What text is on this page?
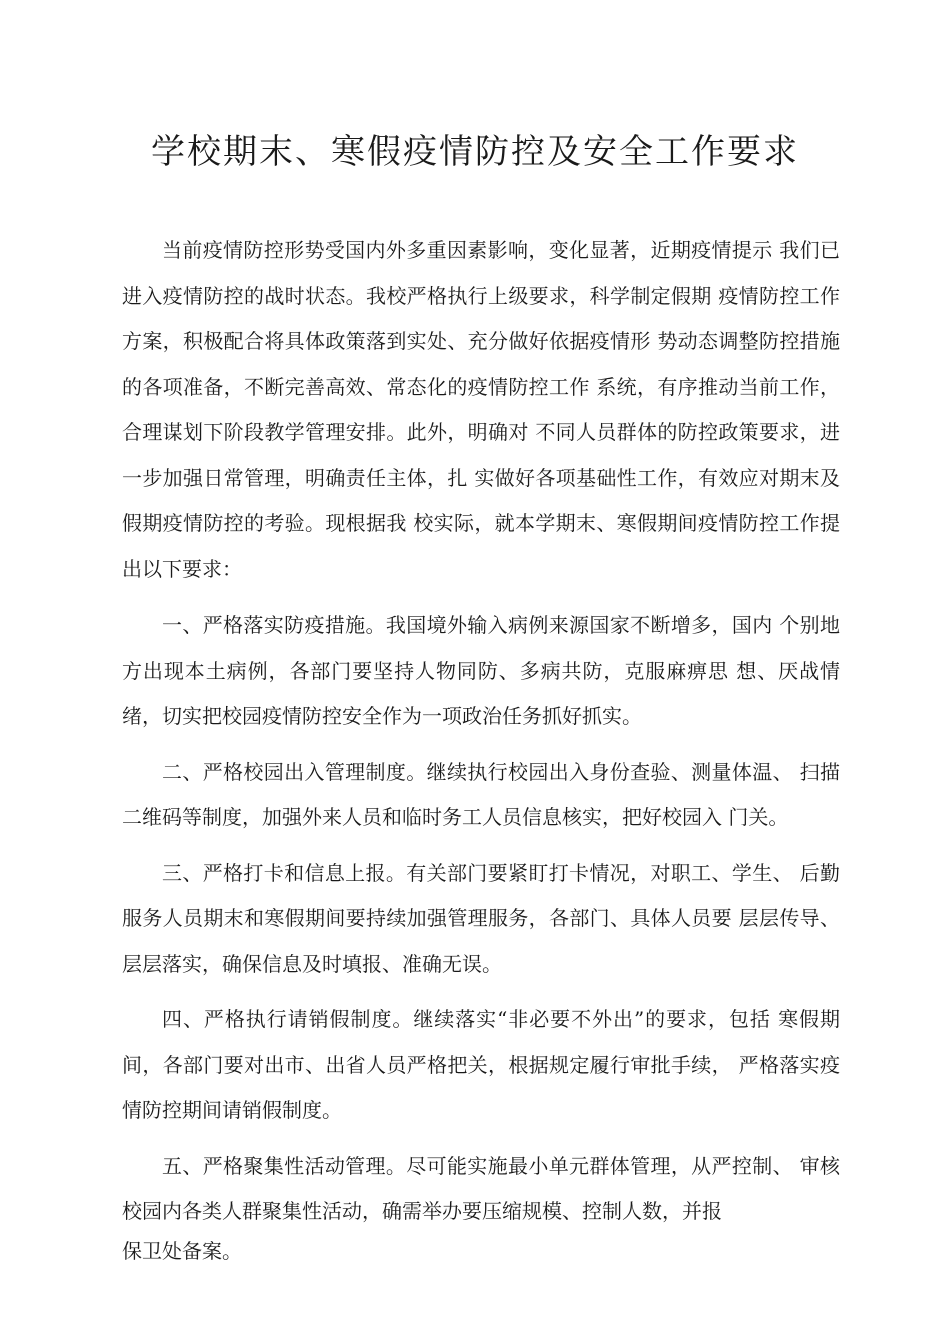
学校期末、寒假疫情防控及安全工作要求

当前疫情防控形势受国内外多重因素影响，变化显著，近期疫情提示 我们已进入疫情防控的战时状态。我校严格执行上级要求，科学制定假期 疫情防控工作方案，积极配合将具体政策落到实处、充分做好依据疫情形 势动态调整防控措施的各项准备，不断完善高效、常态化的疫情防控工作 系统，有序推动当前工作，合理谋划下阶段教学管理安排。此外，明确对 不同人员群体的防控政策要求，进一步加强日常管理，明确责任主体，扎 实做好各项基础性工作，有效应对期末及假期疫情防控的考验。现根据我 校实际，就本学期末、寒假期间疫情防控工作提出以下要求：

一、严格落实防疫措施。我国境外输入病例来源国家不断增多，国内 个别地方出现本土病例，各部门要坚持人物同防、多病共防，克服麻痹思 想、厌战情绪，切实把校园疫情防控安全作为一项政治任务抓好抓实。

二、严格校园出入管理制度。继续执行校园出入身份查验、测量体温、 扫描二维码等制度，加强外来人员和临时务工人员信息核实，把好校园入 门关。

三、严格打卡和信息上报。有关部门要紧盯打卡情况，对职工、学生、 后勤服务人员期末和寒假期间要持续加强管理服务，各部门、具体人员要 层层传导、层层落实，确保信息及时填报、准确无误。

四、严格执行请销假制度。继续落实“非必要不外出”的要求，包括 寒假期间，各部门要对出市、出省人员严格把关，根据规定履行审批手续， 严格落实疫情防控期间请销假制度。

五、严格聚集性活动管理。尽可能实施最小单元群体管理，从严控制、 审核校园内各类人群聚集性活动，确需举办要压缩规模、控制人数，并报

保卫处备案。
